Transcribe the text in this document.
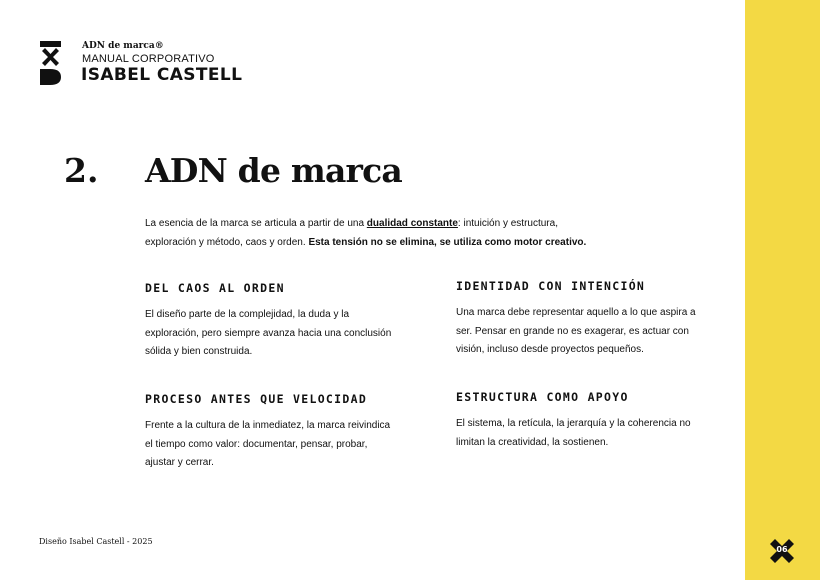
ADN de marca®
MANUAL CORPORATIVO
ISABEL CASTELL
2. ADN de marca

La esencia de la marca se articula a partir de una dualidad constante: intuición y estructura, exploración y método, caos y orden. Esta tensión no se elimina, se utiliza como motor creativo.

DEL CAOS AL ORDEN

El diseño parte de la complejidad, la duda y la exploración, pero siempre avanza hacia una conclusión sólida y bien construida.

IDENTIDAD CON INTENCIÓN

Una marca debe representar aquello a lo que aspira a ser. Pensar en grande no es exagerar, es actuar con visión, incluso desde proyectos pequeños.

PROCESO ANTES QUE VELOCIDAD

Frente a la cultura de la inmediatez, la marca reivindica el tiempo como valor: documentar, pensar, probar, ajustar y cerrar.

ESTRUCTURA COMO APOYO

El sistema, la retícula, la jerarquía y la coherencia no limitan la creatividad, la sostienen.

Diseño Isabel Castell - 2025
06
